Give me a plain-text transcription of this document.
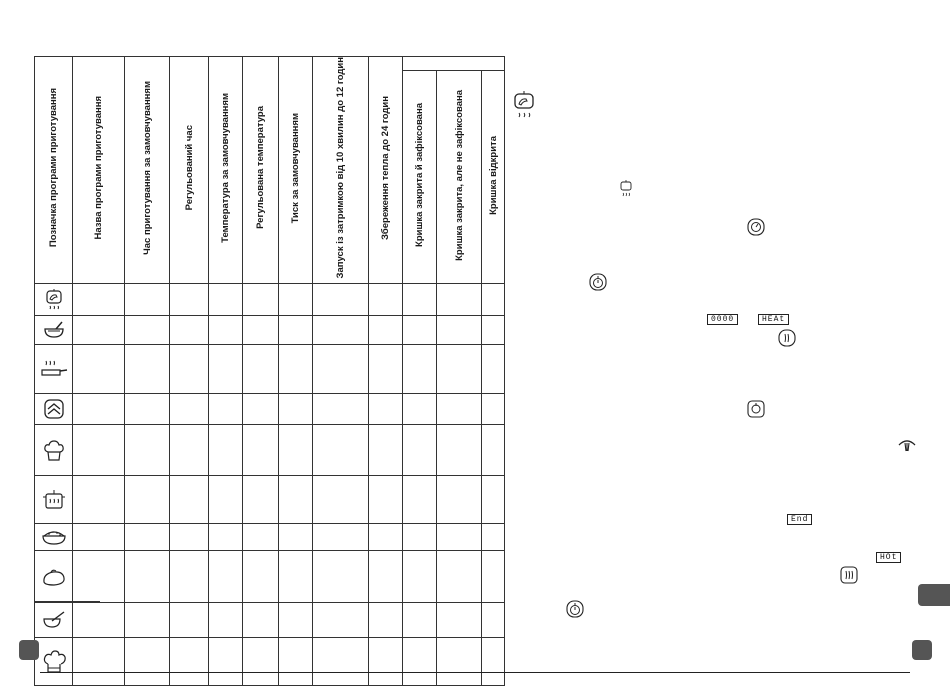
Позначка програми приготування	Назва програми приготування	Час приготування за замовчуванням	Регульований час	Температура за замовчуванням	Регульована температура	Тиск за замовчуванням	Запуск із затримкою від 10 хвилин до 12 годин	Збереження тепла до 24 годин			
									Кришка закрита й зафіксована	Кришка закрита, але не зафіксована	Кришка відкрита

0000	HEAt
End
HOt
